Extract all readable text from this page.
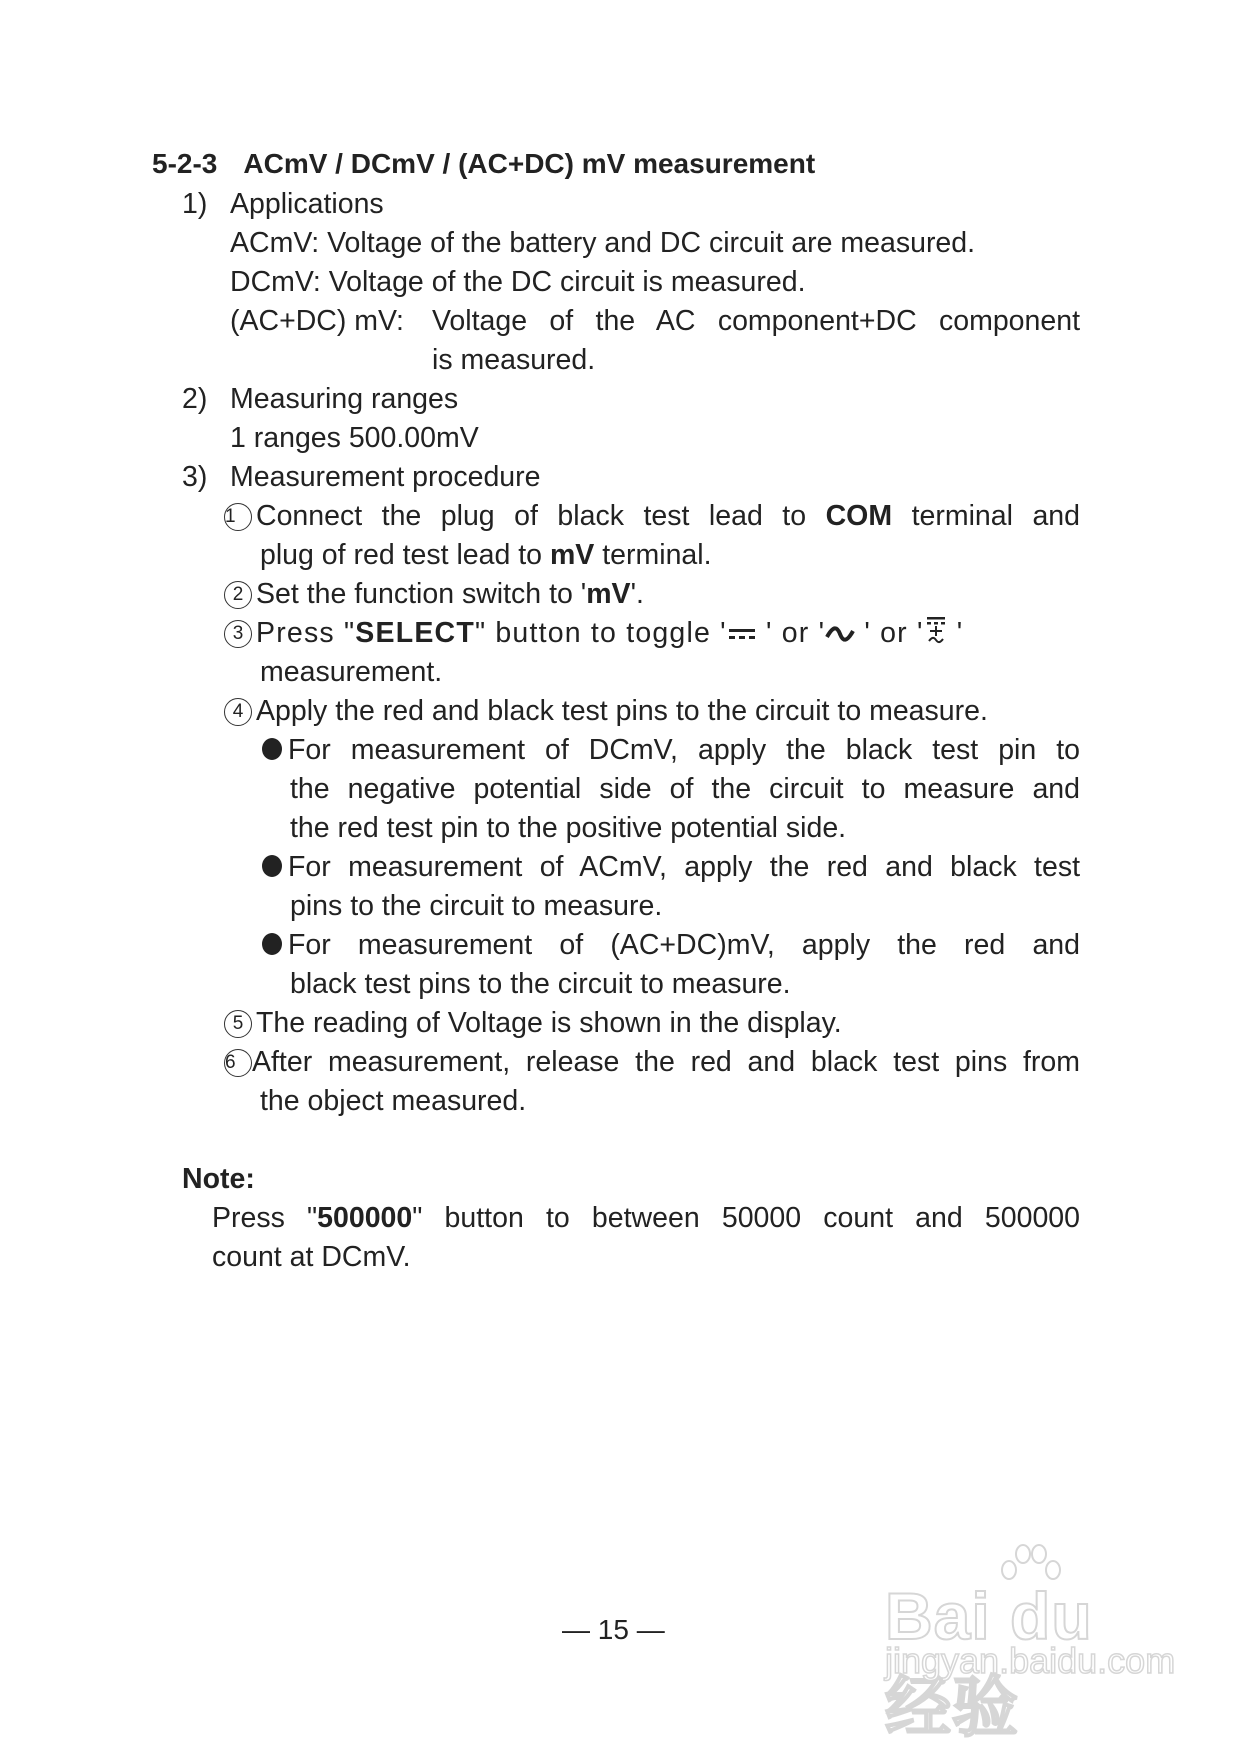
5-2-3 ACmV / DCmV / (AC+DC) mV measurement
1) Applications
ACmV: Voltage of the battery and DC circuit are measured.
DCmV: Voltage of the DC circuit is measured.
(AC+DC) mV: Voltage of the AC component+DC component
is measured.
2) Measuring ranges
1 ranges 500.00mV
3) Measurement procedure
1 Connect the plug of black test lead to COM terminal and
plug of red test lead to mV terminal.
2 Set the function switch to 'mV'.
3 Press "SELECT" button to toggle ' ' or ' ' or ' '
measurement.
4 Apply the red and black test pins to the circuit to measure.
For measurement of DCmV, apply the black test pin to
the negative potential side of the circuit to measure and
the red test pin to the positive potential side.
For measurement of ACmV, apply the red and black test
pins to the circuit to measure.
For measurement of (AC+DC)mV, apply the red and
black test pins to the circuit to measure.
5 The reading of Voltage is shown in the display.
6 After measurement, release the red and black test pins from
the object measured.
Note:
Press "500000" button to between 50000 count and 500000
count at DCmV.
— 15 —	Bai du 经验
jingyan.baidu.com
